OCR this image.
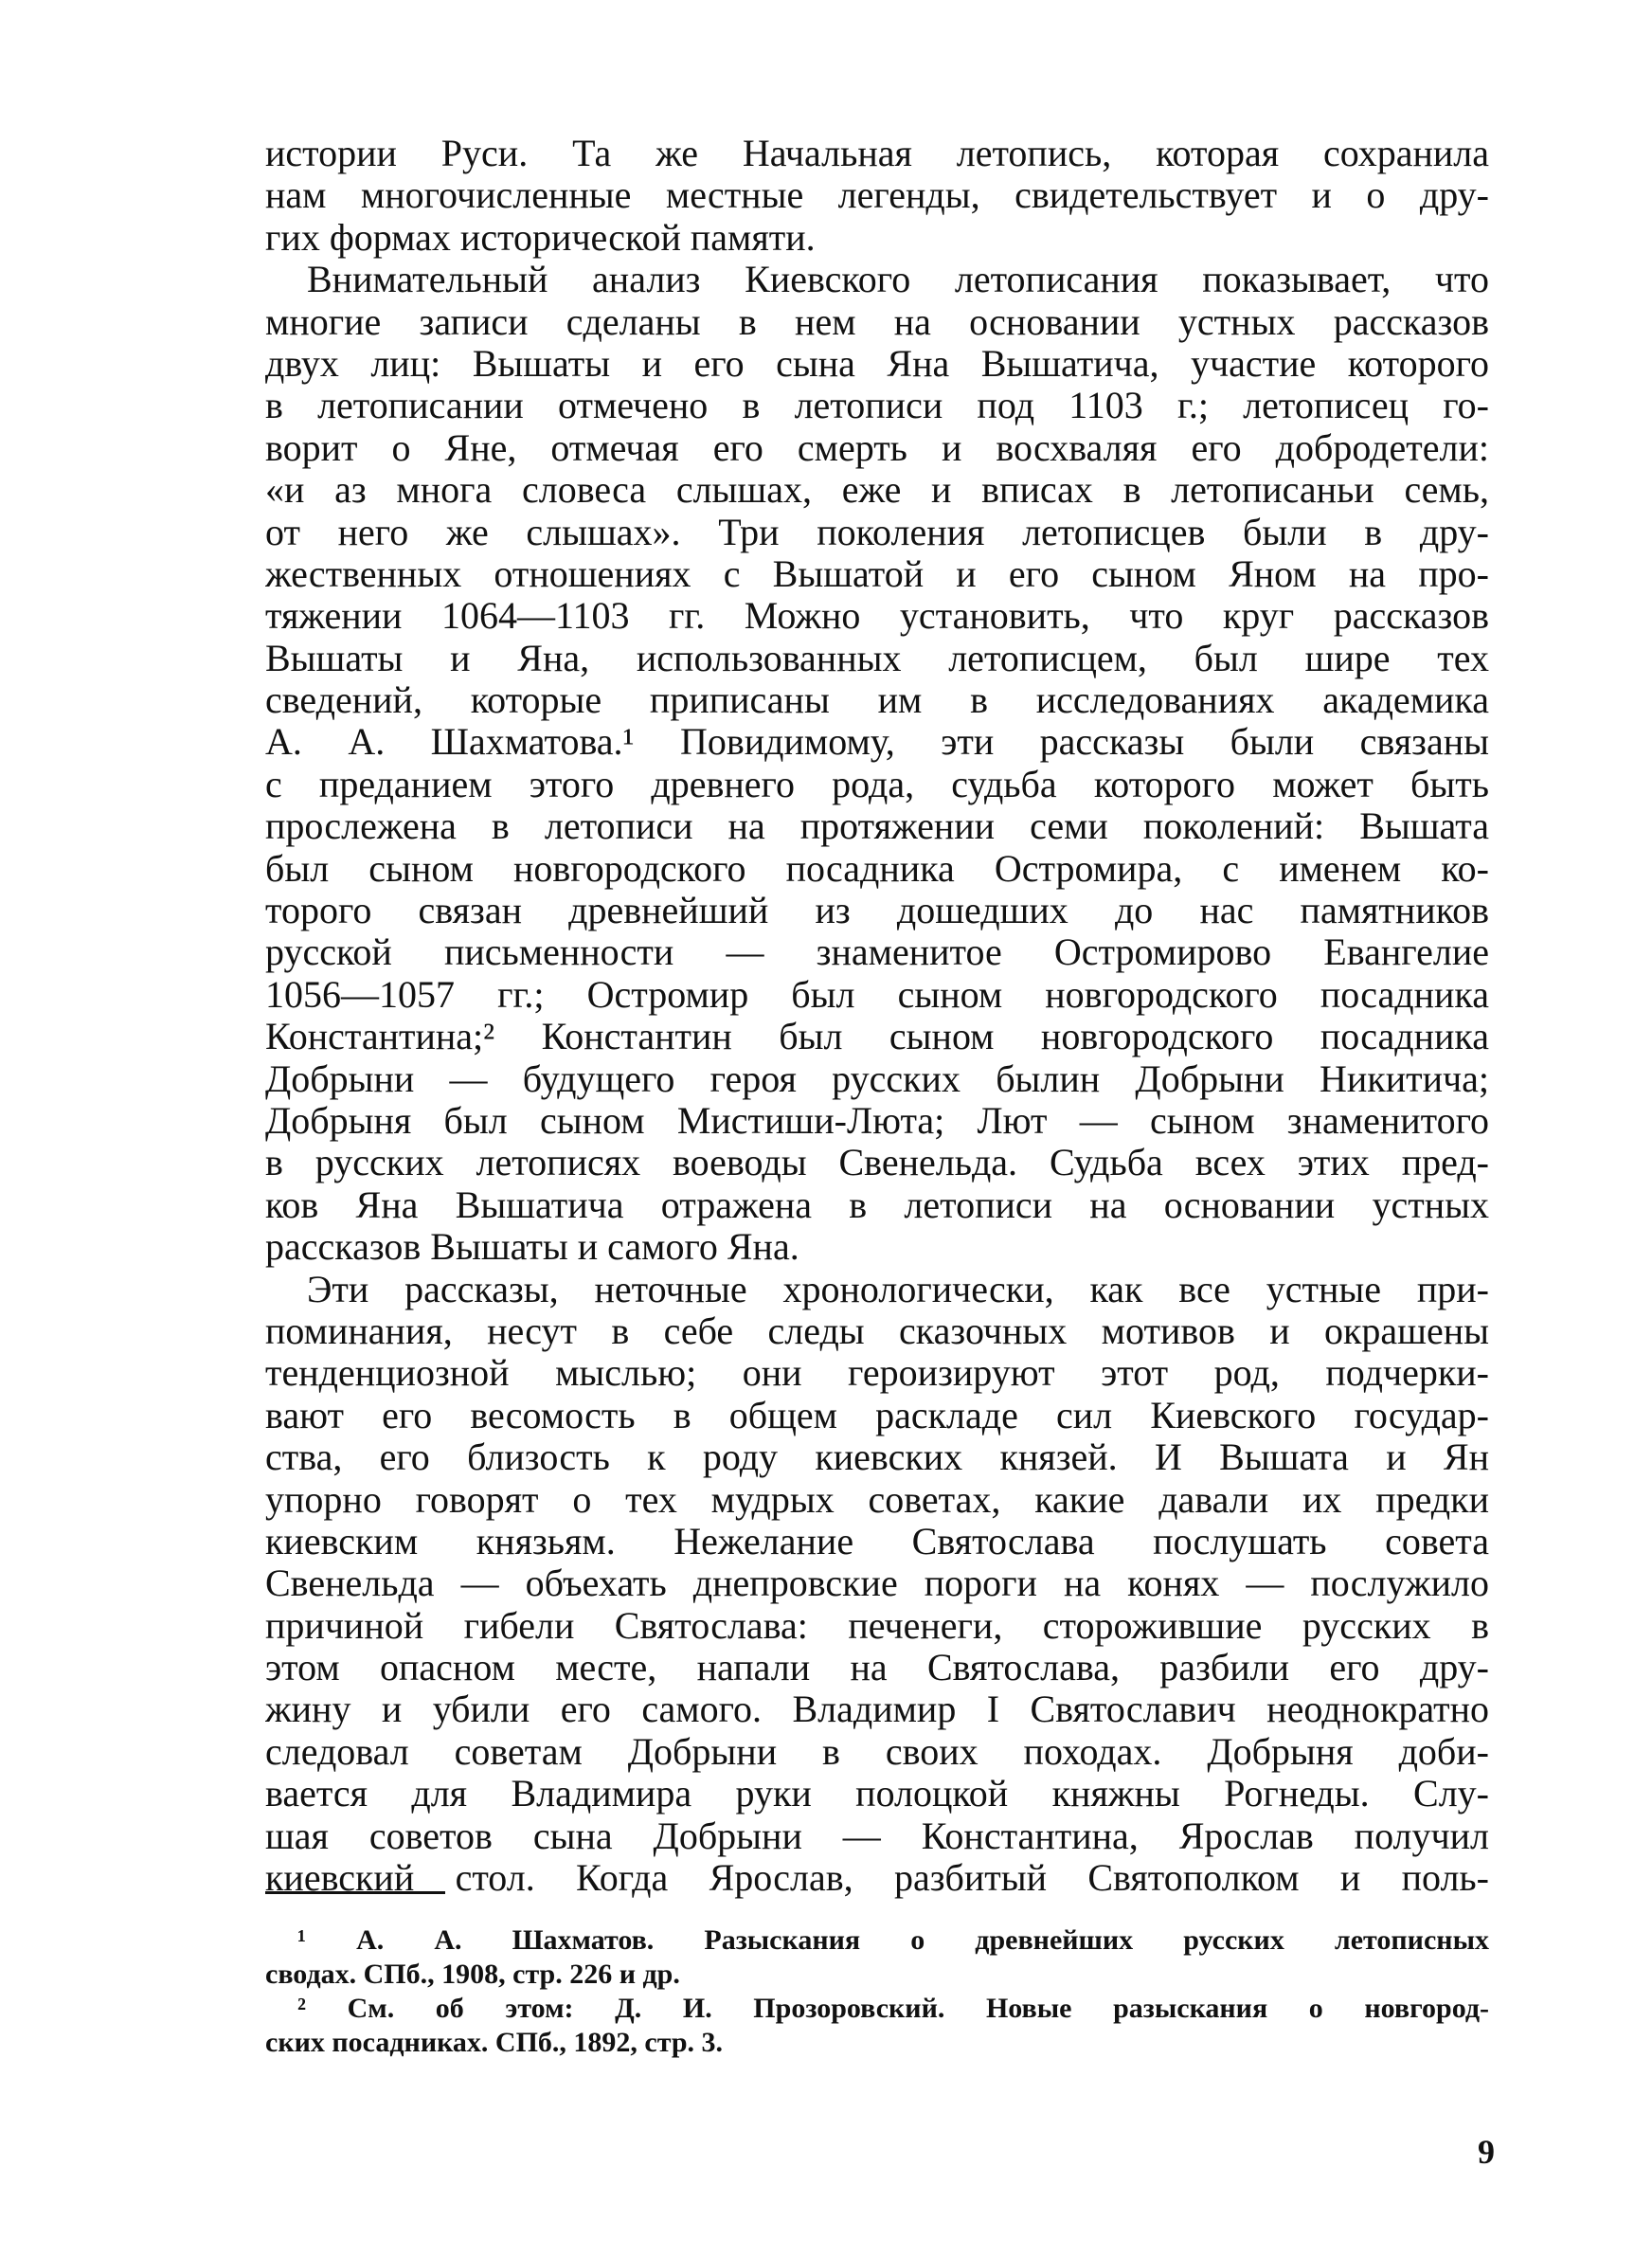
истории Руси. Та же Начальная летопись, которая сохранила
нам многочисленные местные легенды, свидетельствует и о дру-
гих формах исторической памяти.
Внимательный анализ Киевского летописания показывает, что
многие записи сделаны в нем на основании устных рассказов
двух лиц: Вышаты и его сына Яна Вышатича, участие которого
в летописании отмечено в летописи под 1103 г.; летописец го-
ворит о Яне, отмечая его смерть и восхваляя его добродетели:
«и аз многа словеса слышах, еже и вписах в летописаньи семь,
от него же слышах». Три поколения летописцев были в дру-
жественных отношениях с Вышатой и его сыном Яном на про-
тяжении 1064—1103 гг. Можно установить, что круг рассказов
Вышаты и Яна, использованных летописцем, был шире тех
сведений, которые приписаны им в исследованиях академика
А. А. Шахматова.¹ Повидимому, эти рассказы были связаны
с преданием этого древнего рода, судьба которого может быть
прослежена в летописи на протяжении семи поколений: Вышата
был сыном новгородского посадника Остромира, с именем ко-
торого связан древнейший из дошедших до нас памятников
русской письменности — знаменитое Остромирово Евангелие
1056—1057 гг.; Остромир был сыном новгородского посадника
Константина;² Константин был сыном новгородского посадника
Добрыни — будущего героя русских былин Добрыни Никитича;
Добрыня был сыном Мистиши-Люта; Лют — сыном знаменитого
в русских летописях воеводы Свенельда. Судьба всех этих пред-
ков Яна Вышатича отражена в летописи на основании устных
рассказов Вышаты и самого Яна.
Эти рассказы, неточные хронологически, как все устные при-
поминания, несут в себе следы сказочных мотивов и окрашены
тенденциозной мыслью; они героизируют этот род, подчерки-
вают его весомость в общем раскладе сил Киевского государ-
ства, его близость к роду киевских князей. И Вышата и Ян
упорно говорят о тех мудрых советах, какие давали их предки
киевским князьям. Нежелание Святослава послушать совета
Свенельда — объехать днепровские пороги на конях — послужило
причиной гибели Святослава: печенеги, сторожившие русских в
этом опасном месте, напали на Святослава, разбили его дру-
жину и убили его самого. Владимир I Святославич неоднократно
следовал советам Добрыни в своих походах. Добрыня доби-
вается для Владимира руки полоцкой княжны Рогнеды. Слу-
шая советов сына Добрыни — Константина, Ярослав получил
киевский стол. Когда Ярослав, разбитый Святополком и поль-
¹ А. А. Шахматов. Разыскания о древнейших русских летописных
сводах. СПб., 1908, стр. 226 и др.
² См. об этом: Д. И. Прозоровский. Новые разыскания о новгород-
ских посадниках. СПб., 1892, стр. 3.
9
